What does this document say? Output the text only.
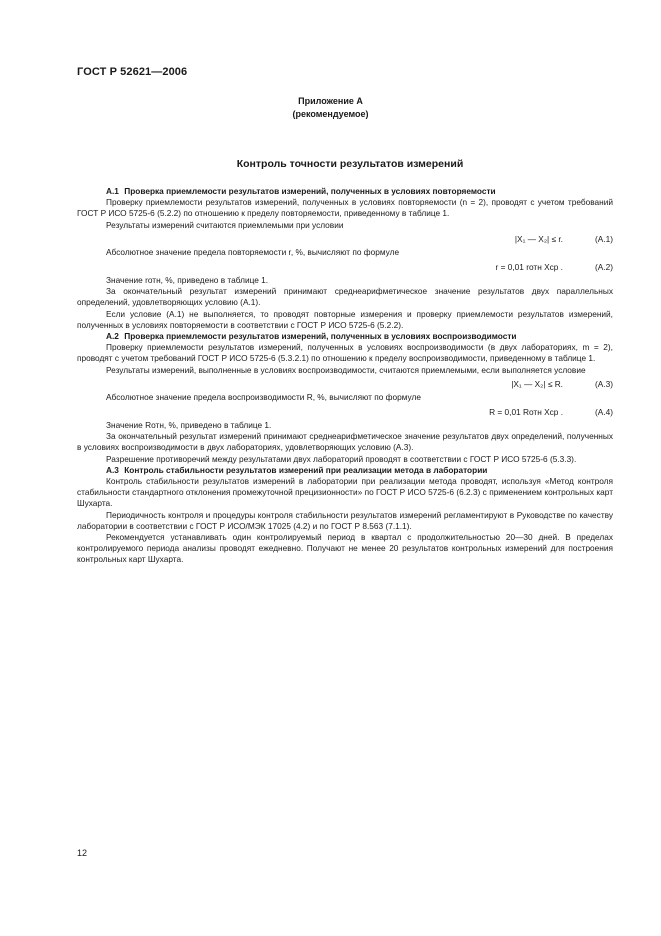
ГОСТ Р 52621—2006
Приложение А
(рекомендуемое)
Контроль точности результатов измерений

А.1 Проверка приемлемости результатов измерений, полученных в условиях повторяемости

Проверку приемлемости результатов измерений, полученных в условиях повторяемости (n = 2), проводят с учетом требований ГОСТ Р ИСО 5725-6 (5.2.2) по отношению к пределу повторяемости, приведенному в таблице 1.

Результаты измерений считаются приемлемыми при условии

|X₁ — X₂| ≤ r.	(А.1)

Абсолютное значение предела повторяемости r, %, вычисляют по формуле

r = 0,01 rотн Xср .	(А.2)

Значение rотн, %, приведено в таблице 1.

За окончательный результат измерений принимают среднеарифметическое значение результатов двух параллельных определений, удовлетворяющих условию (А.1).

Если условие (А.1) не выполняется, то проводят повторные измерения и проверку приемлемости результатов измерений, полученных в условиях повторяемости в соответствии с ГОСТ Р ИСО 5725-6 (5.2.2).

А.2 Проверка приемлемости результатов измерений, полученных в условиях воспроизводимости

Проверку приемлемости результатов измерений, полученных в условиях воспроизводимости (в двух лабораториях, m = 2), проводят с учетом требований ГОСТ Р ИСО 5725-6 (5.3.2.1) по отношению к пределу воспроизводимости, приведенному в таблице 1.

Результаты измерений, выполненные в условиях воспроизводимости, считаются приемлемыми, если выполняется условие

|X₁ — X₂| ≤ R.	(А.3)

Абсолютное значение предела воспроизводимости R, %, вычисляют по формуле

R = 0,01 Rотн Xср .	(А.4)

Значение Rотн, %, приведено в таблице 1.

За окончательный результат измерений принимают среднеарифметическое значение результатов двух определений, полученных в условиях воспроизводимости в двух лабораториях, удовлетворяющих условию (А.3).

Разрешение противоречий между результатами двух лабораторий проводят в соответствии с ГОСТ Р ИСО 5725-6 (5.3.3).

А.3 Контроль стабильности результатов измерений при реализации метода в лаборатории

Контроль стабильности результатов измерений в лаборатории при реализации метода проводят, используя «Метод контроля стабильности стандартного отклонения промежуточной прецизионности» по ГОСТ Р ИСО 5725-6 (6.2.3) с применением контрольных карт Шухарта.

Периодичность контроля и процедуры контроля стабильности результатов измерений регламентируют в Руководстве по качеству лаборатории в соответствии с ГОСТ Р ИСО/МЭК 17025 (4.2) и по ГОСТ Р 8.563 (7.1.1).

Рекомендуется устанавливать один контролируемый период в квартал с продолжительностью 20—30 дней. В пределах контролируемого периода анализы проводят ежедневно. Получают не менее 20 результатов контрольных измерений для построения контрольных карт Шухарта.

12
